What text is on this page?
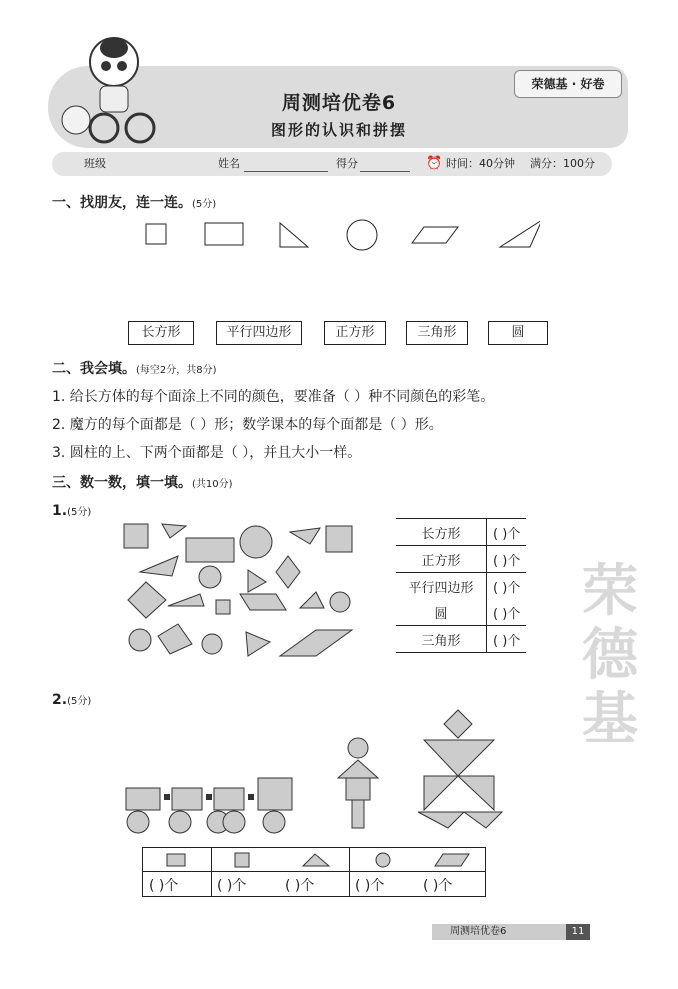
荣德基
周测培优卷6
图形的认识和拼摆
荣德基 · 好卷
班级	姓名	得分	⏰ 时间：40分钟 满分：100分
一、找朋友，连一连。(5分)
长方形	平行四边形	正方形	三角形	圆
二、我会填。(每空2分，共8分)
1. 给长方体的每个面涂上不同的颜色，要准备（ ）种不同颜色的彩笔。
2. 魔方的每个面都是（ ）形；数学课本的每个面都是（ ）形。
3. 圆柱的上、下两个面都是（ ），并且大小一样。
三、数一数，填一填。(共10分)
1.(5分)
长方形	( )个
正方形	( )个
平行四边形	( )个
圆	( )个
三角形	( )个
2.(5分)
( )个	( )个	( )个	( )个	( )个
周测培优卷6	11
